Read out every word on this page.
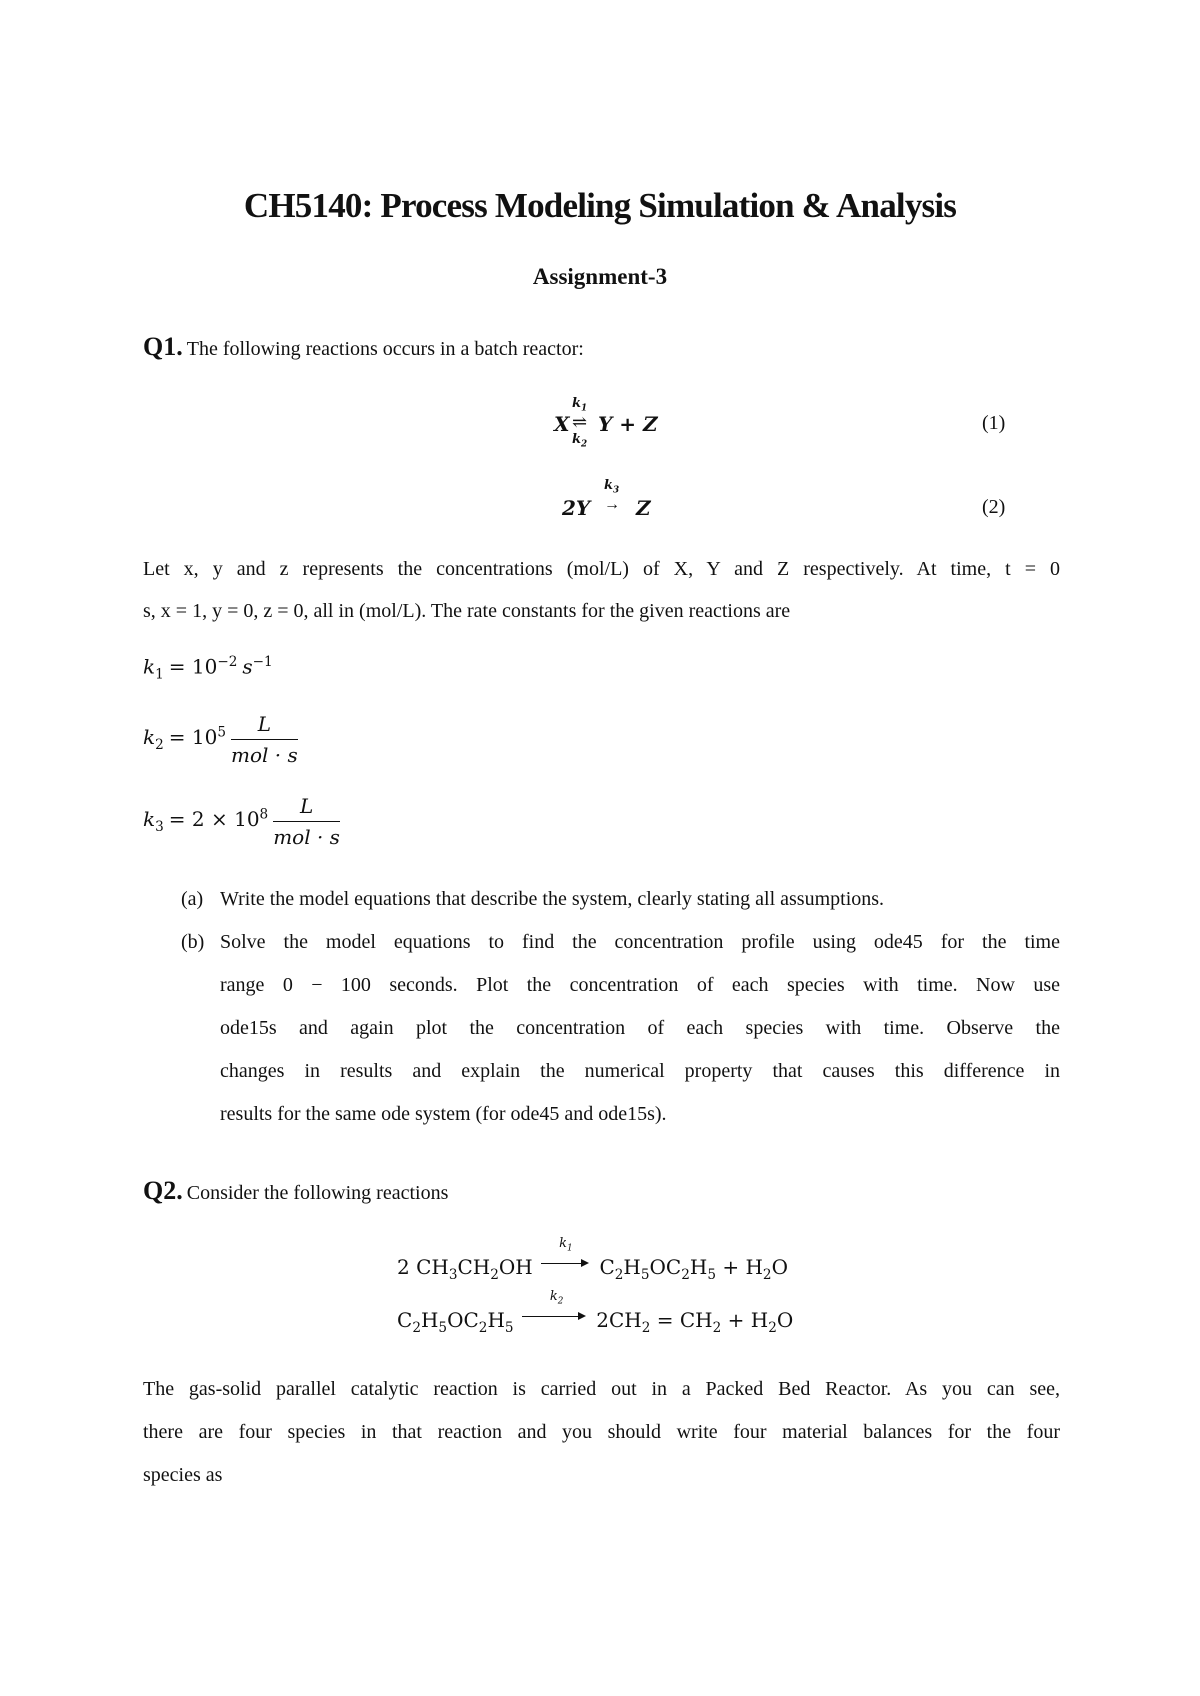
CH5140: Process Modeling Simulation & Analysis
Assignment-3
Q1. The following reactions occurs in a batch reactor:
X
$k_1$
⇌
$k_2$
Y + Z	(1)
2Y
$k_3$
→ Z	(2)
Let x, y and z represents the concentrations (mol/L) of X, Y and Z respectively. At time, t = 0
s, x = 1, y = 0, z = 0, all in (mol/L). The rate constants for the given reactions are
$k_1 = 10^{-2}$ $s^{-1}$
$k_2 = 10^5 \frac{L}{\text{mol · s}}$
$k_3 = 2 \times 10^8 \frac{L}{\text{mol · s}}$
(a) Write the model equations that describe the system, clearly stating all assumptions.
(b) Solve the model equations to find the concentration profile using ode45 for the time
range 0 − 100 seconds. Plot the concentration of each species with time. Now use
ode15s and again plot the concentration of each species with time. Observe the
changes in results and explain the numerical property that causes this difference in
results for the same ode system (for ode45 and ode15s).
Q2. Consider the following reactions
2 $CH_3CH_2OH$
$k_1$
$C_2H_5OC_2H_5 + H_2O$
$C_2H_5OC_2H_5$
$k_2$
$2CH_2 = CH_2 + H_2O$
The gas-solid parallel catalytic reaction is carried out in a Packed Bed Reactor. As you can see,
there are four species in that reaction and you should write four material balances for the four
species as
